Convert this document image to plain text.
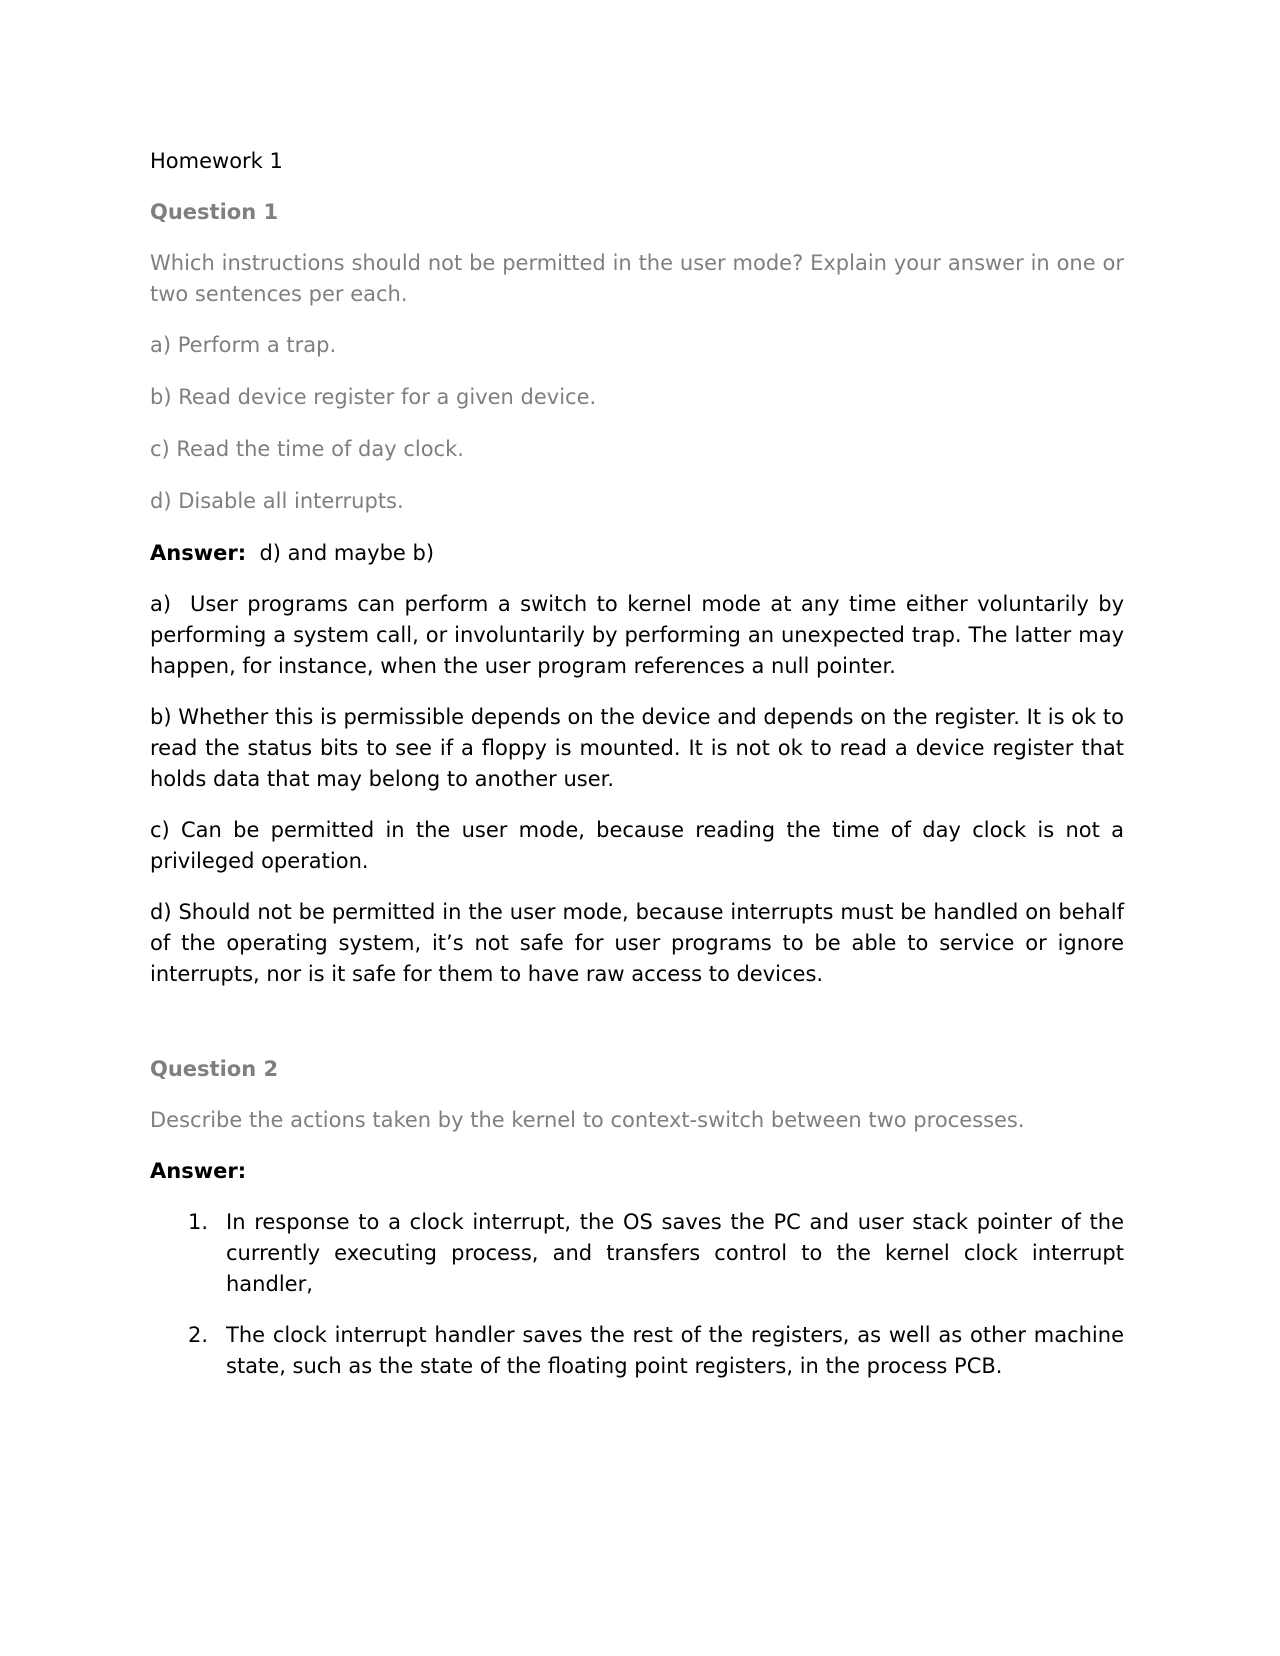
Homework 1

Question 1

Which instructions should not be permitted in the user mode? Explain your answer in one or two sentences per each.

a) Perform a trap.

b) Read device register for a given device.

c) Read the time of day clock.

d) Disable all interrupts.

Answer: d) and maybe b)

a)  User programs can perform a switch to kernel mode at any time either voluntarily by performing a system call, or involuntarily by performing an unexpected trap. The latter may happen, for instance, when the user program references a null pointer.

b) Whether this is permissible depends on the device and depends on the register. It is ok to read the status bits to see if a floppy is mounted. It is not ok to read a device register that holds data that may belong to another user.

c) Can be permitted in the user mode, because reading the time of day clock is not a privileged operation.

d) Should not be permitted in the user mode, because interrupts must be handled on behalf of the operating system, it’s not safe for user programs to be able to service or ignore interrupts, nor is it safe for them to have raw access to devices.

Question 2

Describe the actions taken by the kernel to context-switch between two processes.

Answer:

1. In response to a clock interrupt, the OS saves the PC and user stack pointer of the currently executing process, and transfers control to the kernel clock interrupt handler,
2. The clock interrupt handler saves the rest of the registers, as well as other machine state, such as the state of the floating point registers, in the process PCB.
